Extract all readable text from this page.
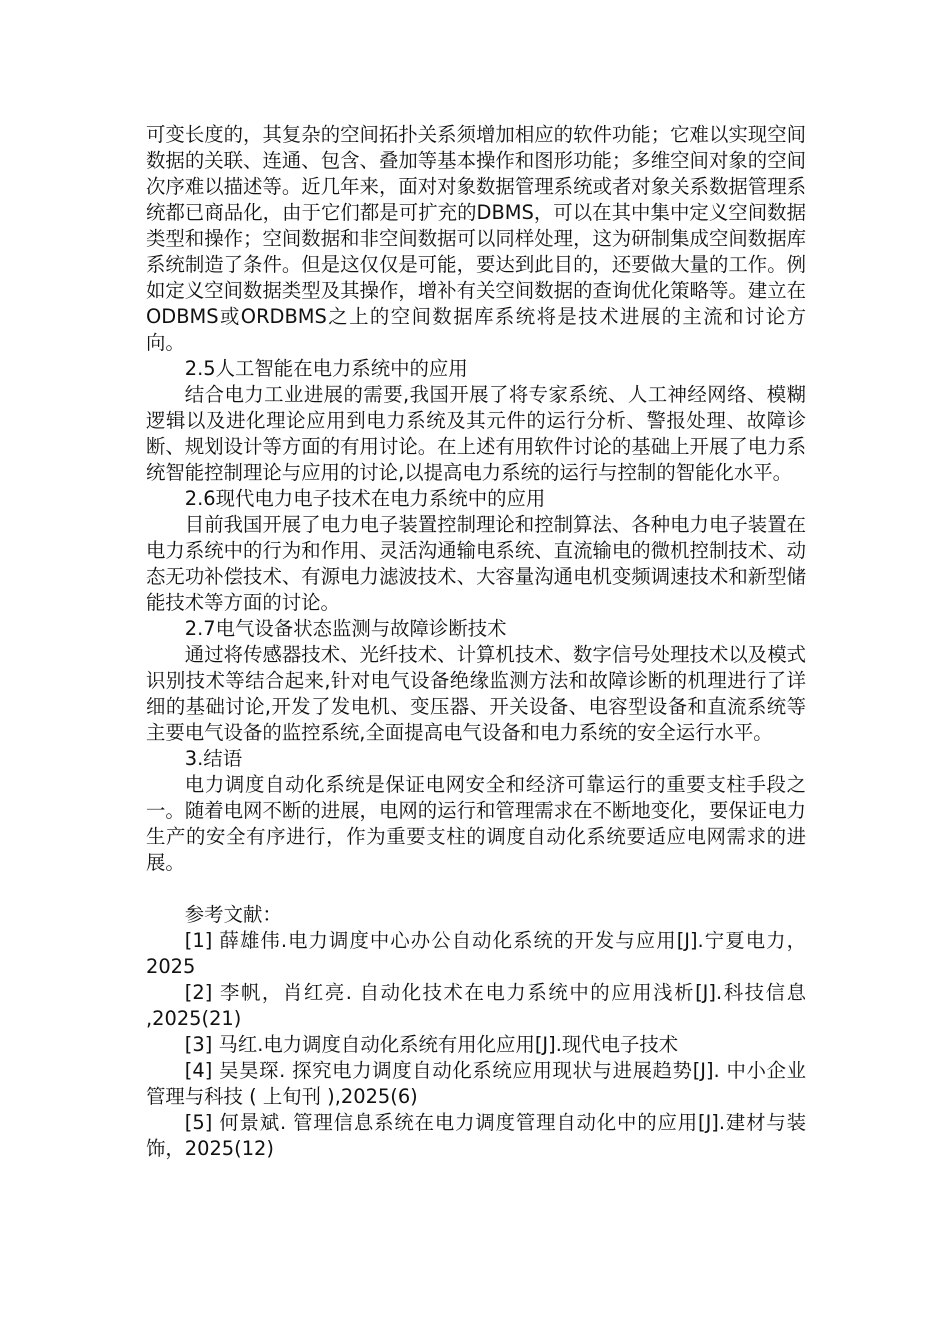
可变长度的，其复杂的空间拓扑关系须增加相应的软件功能；它难以实现空间数据的关联、连通、包含、叠加等基本操作和图形功能；多维空间对象的空间次序难以描述等。近几年来，面对对象数据管理系统或者对象关系数据管理系统都已商品化，由于它们都是可扩充的DBMS，可以在其中集中定义空间数据类型和操作；空间数据和非空间数据可以同样处理，这为研制集成空间数据库系统制造了条件。但是这仅仅是可能，要达到此目的，还要做大量的工作。例如定义空间数据类型及其操作，增补有关空间数据的查询优化策略等。建立在ODBMS或ORDBMS之上的空间数据库系统将是技术进展的主流和讨论方向。

2.5人工智能在电力系统中的应用

结合电力工业进展的需要,我国开展了将专家系统、人工神经网络、模糊逻辑以及进化理论应用到电力系统及其元件的运行分析、警报处理、故障诊断、规划设计等方面的有用讨论。在上述有用软件讨论的基础上开展了电力系统智能控制理论与应用的讨论,以提高电力系统的运行与控制的智能化水平。

2.6现代电力电子技术在电力系统中的应用

目前我国开展了电力电子装置控制理论和控制算法、各种电力电子装置在电力系统中的行为和作用、灵活沟通输电系统、直流输电的微机控制技术、动态无功补偿技术、有源电力滤波技术、大容量沟通电机变频调速技术和新型储能技术等方面的讨论。

2.7电气设备状态监测与故障诊断技术

通过将传感器技术、光纤技术、计算机技术、数字信号处理技术以及模式识别技术等结合起来,针对电气设备绝缘监测方法和故障诊断的机理进行了详细的基础讨论,开发了发电机、变压器、开关设备、电容型设备和直流系统等主要电气设备的监控系统,全面提高电气设备和电力系统的安全运行水平。

3.结语

电力调度自动化系统是保证电网安全和经济可靠运行的重要支柱手段之一。随着电网不断的进展，电网的运行和管理需求在不断地变化，要保证电力生产的安全有序进行，作为重要支柱的调度自动化系统要适应电网需求的进展。

参考文献：

[1] 薛雄伟.电力调度中心办公自动化系统的开发与应用[J].宁夏电力，2025

[2] 李帆，肖红亮. 自动化技术在电力系统中的应用浅析[J].科技信息 ,2025(21)

[3] 马红.电力调度自动化系统有用化应用[J].现代电子技术

[4] 吴昊琛. 探究电力调度自动化系统应用现状与进展趋势[J]. 中小企业管理与科技 ( 上旬刊 ),2025(6)

[5] 何景斌. 管理信息系统在电力调度管理自动化中的应用[J].建材与装饰，2025(12)
